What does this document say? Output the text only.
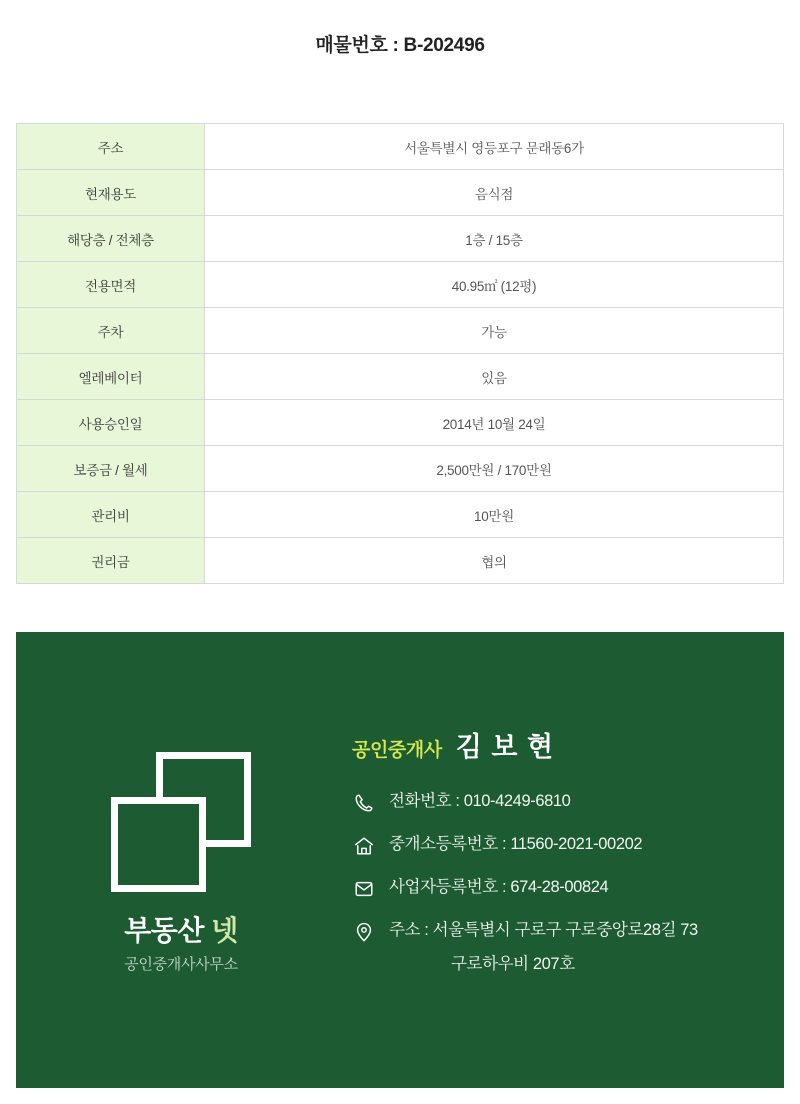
매물번호 : B-202496
주소	서울특별시 영등포구 문래동6가
현재용도	음식점
해당층 / 전체층	1층 / 15층
전용면적	40.95㎡ (12평)
주차	가능
엘레베이터	있음
사용승인일	2014년 10월 24일
보증금 / 월세	2,500만원 / 170만원
관리비	10만원
권리금	협의
부동산 넷
공인중개사사무소
공인중개사 김 보 현
전화번호 : 010-4249-6810
중개소등록번호 : 11560-2021-00202
사업자등록번호 : 674-28-00824
주소 : 서울특별시 구로구 구로중앙로28길 73
구로하우비 207호
